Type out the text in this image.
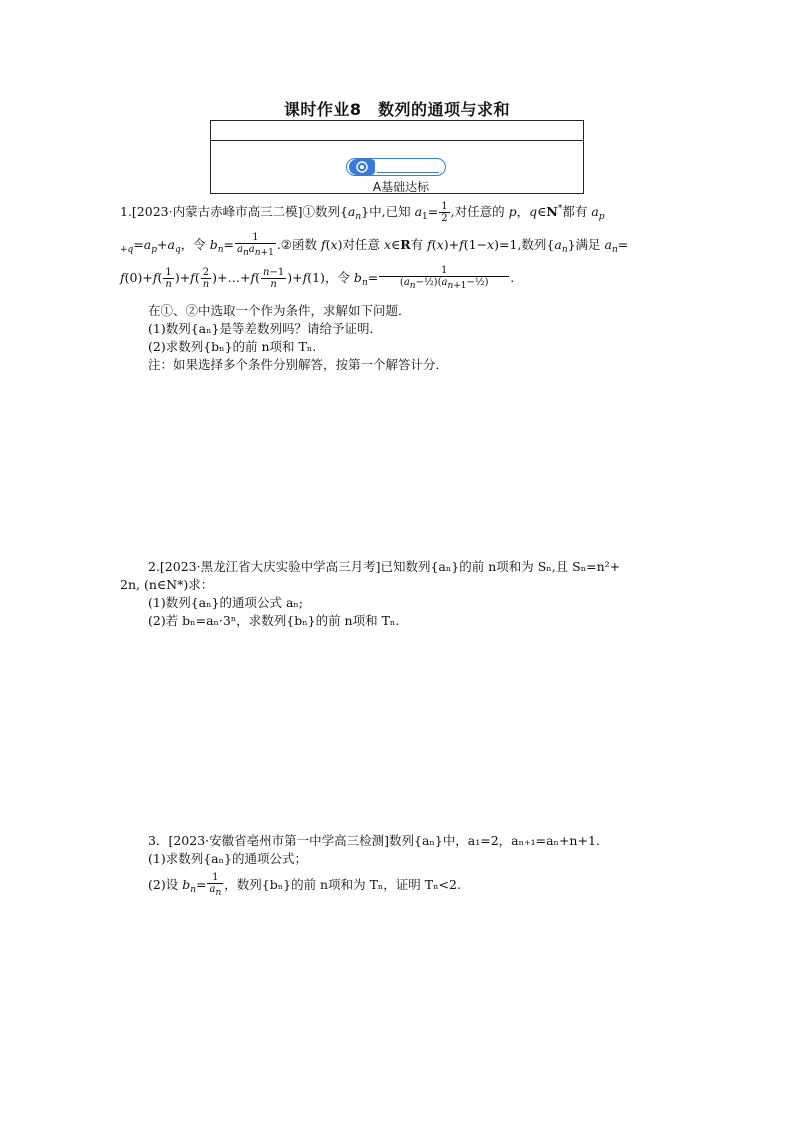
课时作业8　数列的通项与求和
A基础达标
1.[2023·内蒙古赤峰市高三二模]①数列$\{a_n\}$中,已知 $a_1= \frac{1}{2}$ ,对任意的 p，q∈N*都有 $a_p$
$_{+q}=a_p+a_q$，令 $b_n= \frac{1}{\text{anan+1}}$ .②函数 f(x)对任意 x∈R有 f(x)+f(1−x)=1,数列$\{a_n\}$满足 $a_n=$
$f(0)+f( \frac{1}{n} )+f( \frac{2}{n}$ )+…+f( $\frac{n-1}{n} )+f(1)$，令 $b_n= \frac{1}{\text{(an−½)(an+1−½)}}$ .
在①、②中选取一个作为条件，求解如下问题．
(1)数列{aₙ}是等差数列吗？请给予证明．
(2)求数列{bₙ}的前 n项和 Tₙ.
注：如果选择多个条件分别解答，按第一个解答计分．
2.[2023·黑龙江省大庆实验中学高三月考]已知数列{aₙ}的前 n项和为 Sₙ,且 Sₙ=n²+
2n, (n∈N*)求：
(1)数列{aₙ}的通项公式 aₙ;
(2)若 bₙ=aₙ·3ⁿ，求数列{bₙ}的前 n项和 Tₙ.
3．[2023·安徽省亳州市第一中学高三检测]数列{aₙ}中，a₁=2，aₙ₊₁=aₙ+n+1.
(1)求数列{aₙ}的通项公式；
(2)设 $b_n= \frac{1}{an}$ ，数列{bₙ}的前 n项和为 Tₙ，证明 Tₙ<2.
